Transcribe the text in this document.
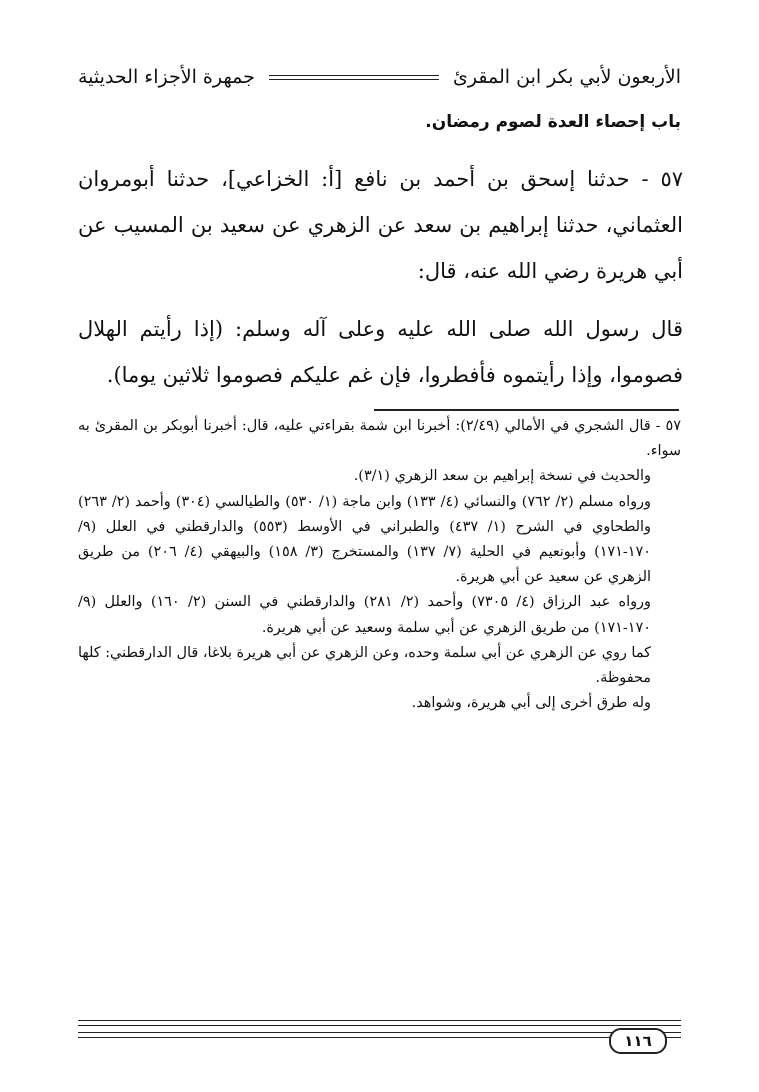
الأربعون لأبي بكر ابن المقرئ
جمهرة الأجزاء الحديثية
باب إحصاء العدة لصوم رمضان.

٥٧ - حدثنا إسحق بن أحمد بن نافع [أ: الخزاعي]، حدثنا أبومروان العثماني، حدثنا إبراهيم بن سعد عن الزهري عن سعيد بن المسيب عن أبي هريرة رضي الله عنه، قال:

قال رسول الله صلى الله عليه وعلى آله وسلم: (إذا رأيتم الهلال فصوموا، وإذا رأيتموه فأفطروا، فإن غم عليكم فصوموا ثلاثين يوما).

٥٧ - قال الشجري في الأمالي (٢/٤٩): أخبرنا ابن شمة بقراءتي عليه، قال: أخبرنا أبوبكر بن المقرئ به سواء.

والحديث في نسخة إبراهيم بن سعد الزهري (٣/١).

ورواه مسلم (٢/ ٧٦٢) والنسائي (٤/ ١٣٣) وابن ماجة (١/ ٥٣٠) والطيالسي (٣٠٤) وأحمد (٢/ ٢٦٣) والطحاوي في الشرح (١/ ٤٣٧) والطبراني في الأوسط (٥٥٣) والدارقطني في العلل (٩/ ١٧٠-١٧١) وأبونعيم في الحلية (٧/ ١٣٧) والمستخرج (٣/ ١٥٨) والبيهقي (٤/ ٢٠٦) من طريق الزهري عن سعيد عن أبي هريرة.

ورواه عبد الرزاق (٤/ ٧٣٠٥) وأحمد (٢/ ٢٨١) والدارقطني في السنن (٢/ ١٦٠) والعلل (٩/ ١٧٠-١٧١) من طريق الزهري عن أبي سلمة وسعيد عن أبي هريرة.

كما روي عن الزهري عن أبي سلمة وحده، وعن الزهري عن أبي هريرة بلاغا، قال الدارقطني: كلها محفوظة.

وله طرق أخرى إلى أبي هريرة، وشواهد.

١١٦
